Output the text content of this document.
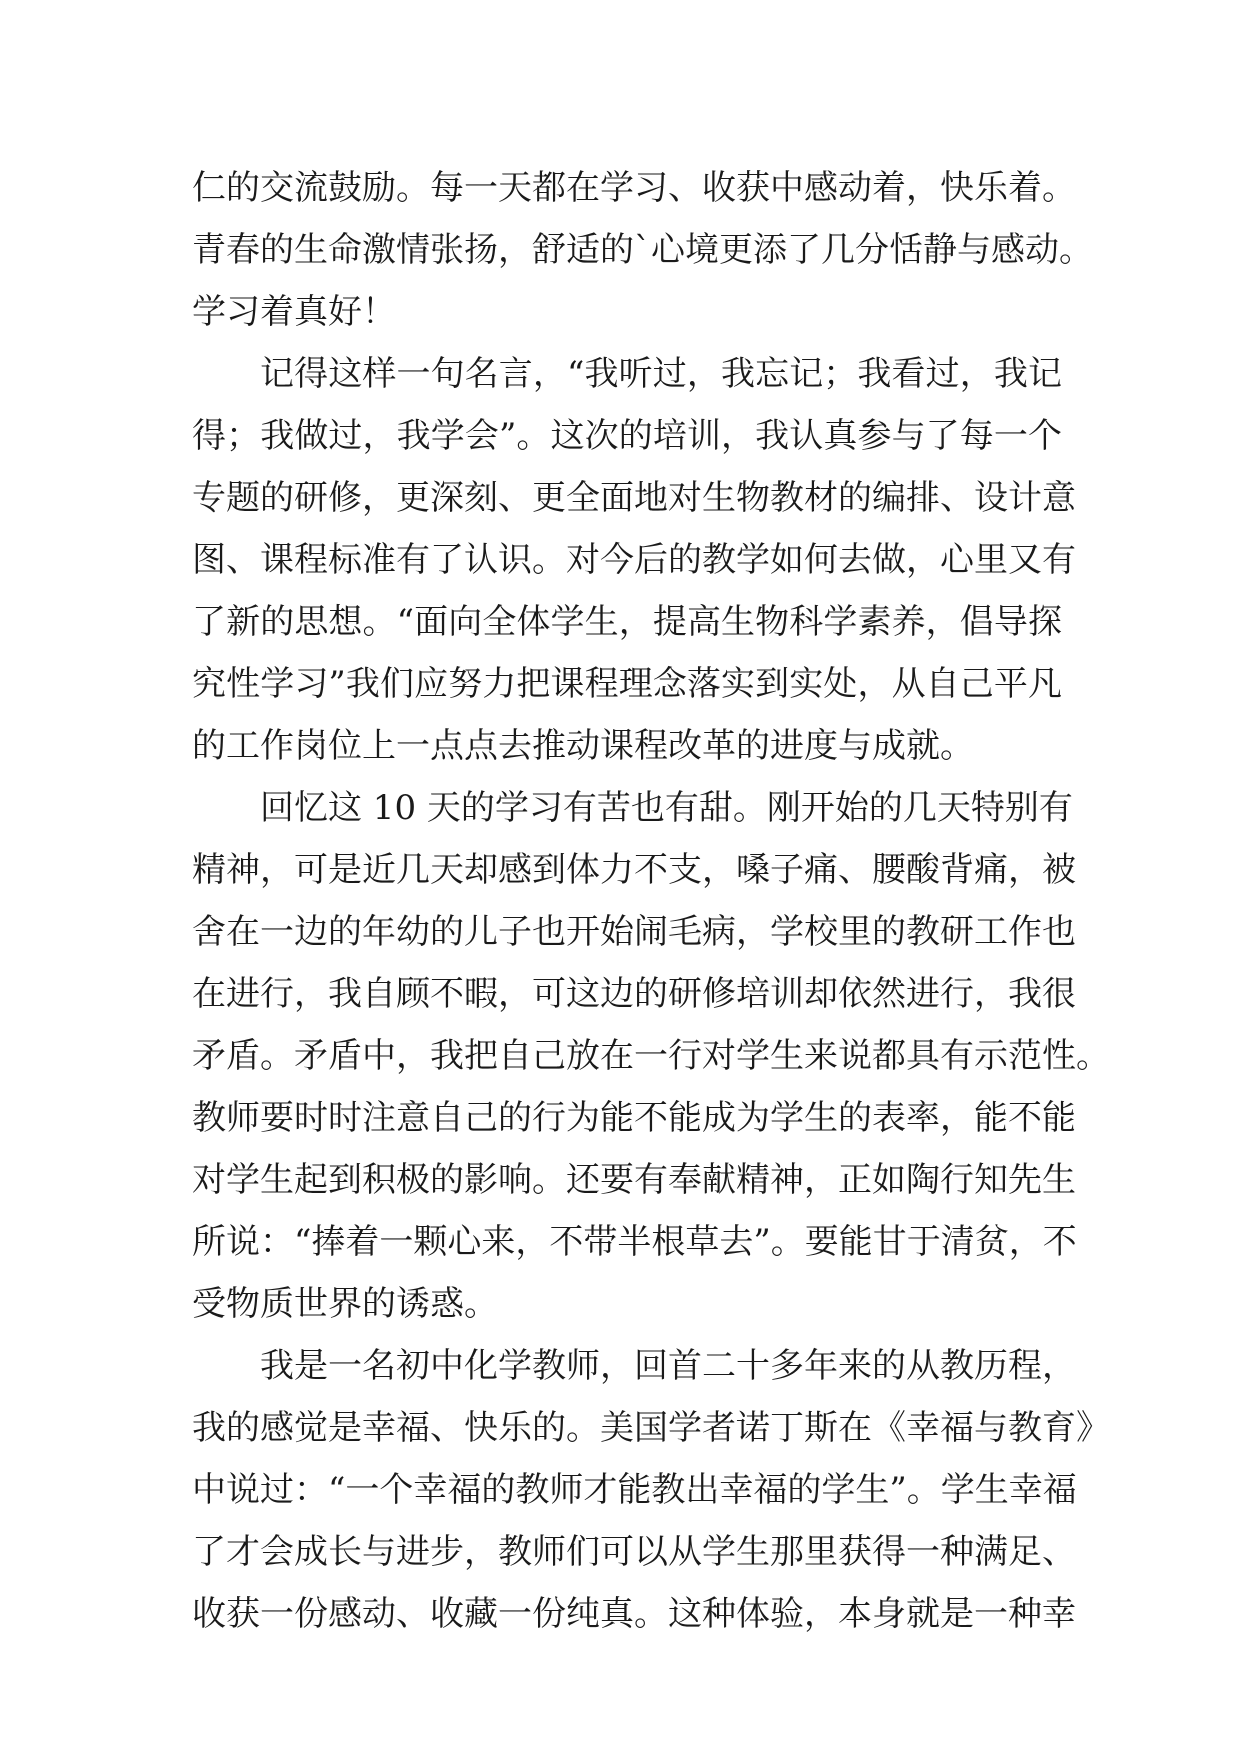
仁的交流鼓励。每一天都在学习、收获中感动着，快乐着。
青春的生命激情张扬，舒适的`心境更添了几分恬静与感动。
学习着真好！
记得这样一句名言，“我听过，我忘记；我看过，我记
得；我做过，我学会”。这次的培训，我认真参与了每一个
专题的研修，更深刻、更全面地对生物教材的编排、设计意
图、课程标准有了认识。对今后的教学如何去做，心里又有
了新的思想。“面向全体学生，提高生物科学素养，倡导探
究性学习”我们应努力把课程理念落实到实处，从自己平凡
的工作岗位上一点点去推动课程改革的进度与成就。
回忆这 10 天的学习有苦也有甜。刚开始的几天特别有
精神，可是近几天却感到体力不支，嗓子痛、腰酸背痛，被
舍在一边的年幼的儿子也开始闹毛病，学校里的教研工作也
在进行，我自顾不暇，可这边的研修培训却依然进行，我很
矛盾。矛盾中，我把自己放在一行对学生来说都具有示范性。
教师要时时注意自己的行为能不能成为学生的表率，能不能
对学生起到积极的影响。还要有奉献精神，正如陶行知先生
所说：“捧着一颗心来，不带半根草去”。要能甘于清贫，不
受物质世界的诱惑。
我是一名初中化学教师，回首二十多年来的从教历程，
我的感觉是幸福、快乐的。美国学者诺丁斯在《幸福与教育》
中说过：“一个幸福的教师才能教出幸福的学生”。学生幸福
了才会成长与进步，教师们可以从学生那里获得一种满足、
收获一份感动、收藏一份纯真。这种体验，本身就是一种幸
